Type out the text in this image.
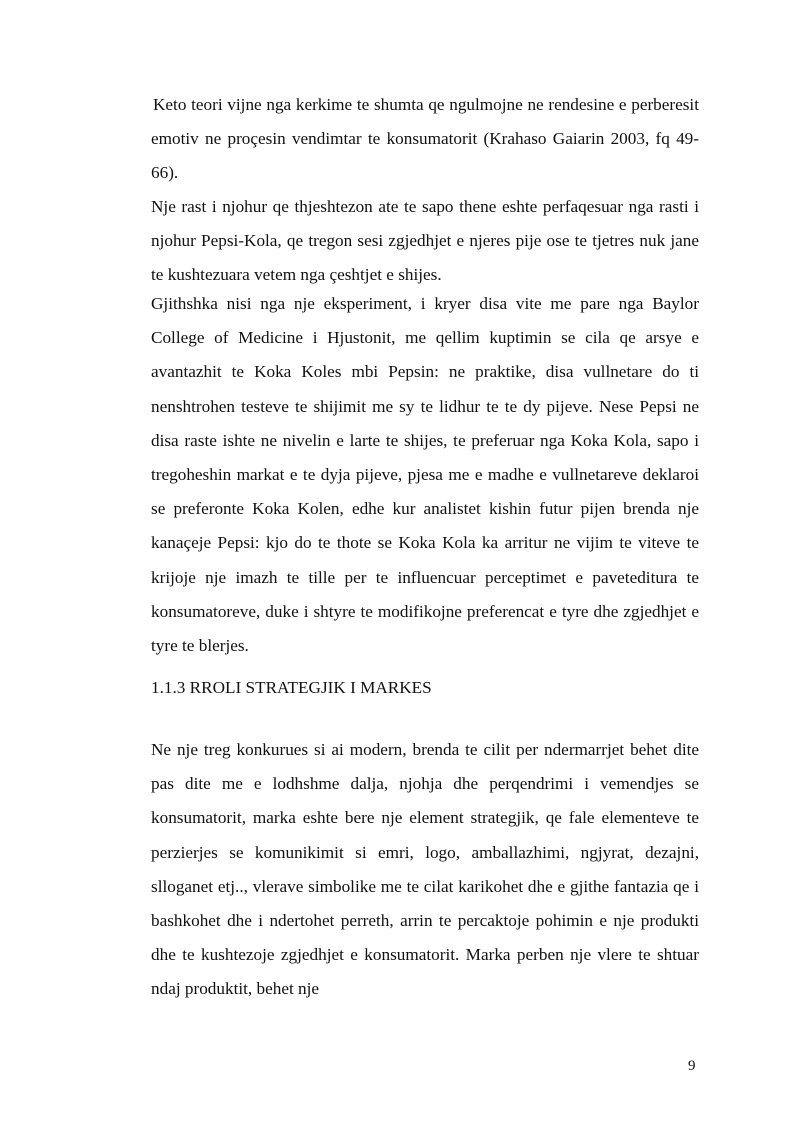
Keto teori vijne nga kerkime te shumta qe ngulmojne ne rendesine e perberesit emotiv ne proçesin vendimtar te konsumatorit (Krahaso Gaiarin 2003, fq 49-66).

Nje rast i njohur qe thjeshtezon ate te sapo thene eshte perfaqesuar nga rasti i njohur Pepsi-Kola, qe tregon sesi zgjedhjet e njeres pije ose te tjetres nuk jane te kushtezuara vetem nga çeshtjet e shijes.

Gjithshka nisi nga nje eksperiment, i kryer disa vite me pare nga Baylor College of Medicine i Hjustonit, me qellim kuptimin se cila qe arsye e avantazhit te Koka Koles mbi Pepsin: ne praktike, disa vullnetare do ti nenshtrohen testeve te shijimit me sy te lidhur te te dy pijeve. Nese Pepsi ne disa raste ishte ne nivelin e larte te shijes, te preferuar nga Koka Kola, sapo i tregoheshin markat e te dyja pijeve, pjesa me e madhe e vullnetareve deklaroi se preferonte Koka Kolen, edhe kur analistet kishin futur pijen brenda nje kanaçeje Pepsi: kjo do te thote se Koka Kola ka arritur ne vijim te viteve te krijoje nje imazh te tille per te influencuar perceptimet e paveteditura te konsumatoreve, duke i shtyre te modifikojne preferencat e tyre dhe zgjedhjet e tyre te blerjes.

1.1.3 RROLI STRATEGJIK I MARKES

Ne nje treg konkurues si ai modern, brenda te cilit per ndermarrjet behet dite pas dite me e lodhshme dalja, njohja dhe perqendrimi i vemendjes se konsumatorit, marka eshte bere nje element strategjik, qe fale elementeve te perzierjes se komunikimit si emri, logo, amballazhimi, ngjyrat, dezajni, slloganet etj.., vlerave simbolike me te cilat karikohet dhe e gjithe fantazia qe i bashkohet dhe i ndertohet perreth, arrin te percaktoje pohimin e nje produkti dhe te kushtezoje zgjedhjet e konsumatorit. Marka perben nje vlere te shtuar ndaj produktit, behet nje

9
